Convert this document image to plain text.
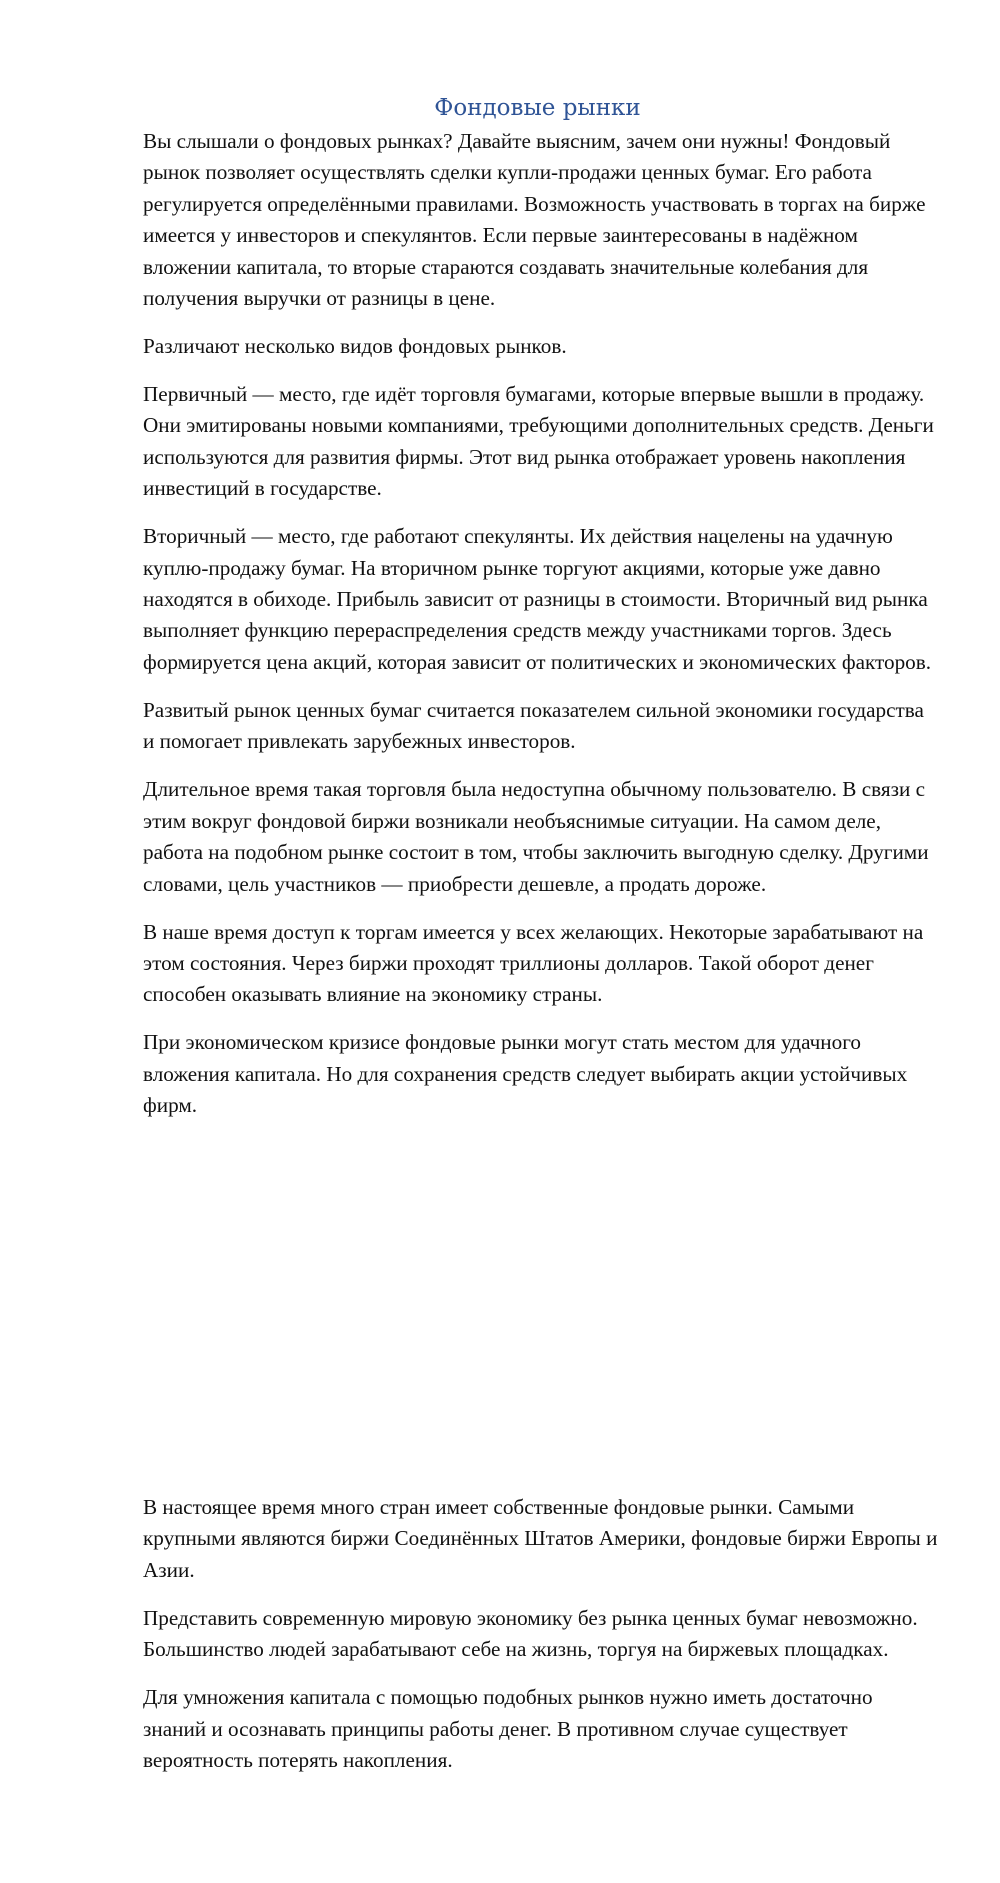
Фондовые рынки

Вы слышали о фондовых рынках? Давайте выясним, зачем они нужны! Фондовый рынок позволяет осуществлять сделки купли-продажи ценных бумаг. Его работа регулируется определёнными правилами. Возможность участвовать в торгах на бирже имеется у инвесторов и спекулянтов. Если первые заинтересованы в надёжном вложении капитала, то вторые стараются создавать значительные колебания для получения выручки от разницы в цене.

Различают несколько видов фондовых рынков.

Первичный — место, где идёт торговля бумагами, которые впервые вышли в продажу. Они эмитированы новыми компаниями, требующими дополнительных средств. Деньги используются для развития фирмы. Этот вид рынка отображает уровень накопления инвестиций в государстве.

Вторичный — место, где работают спекулянты. Их действия нацелены на удачную куплю-продажу бумаг. На вторичном рынке торгуют акциями, которые уже давно находятся в обиходе. Прибыль зависит от разницы в стоимости. Вторичный вид рынка выполняет функцию перераспределения средств между участниками торгов. Здесь формируется цена акций, которая зависит от политических и экономических факторов.

Развитый рынок ценных бумаг считается показателем сильной экономики государства и помогает привлекать зарубежных инвесторов.

Длительное время такая торговля была недоступна обычному пользователю. В связи с этим вокруг фондовой биржи возникали необъяснимые ситуации. На самом деле, работа на подобном рынке состоит в том, чтобы заключить выгодную сделку. Другими словами, цель участников — приобрести дешевле, а продать дороже.

В наше время доступ к торгам имеется у всех желающих. Некоторые зарабатывают на этом состояния. Через биржи проходят триллионы долларов. Такой оборот денег способен оказывать влияние на экономику страны.

При экономическом кризисе фондовые рынки могут стать местом для удачного вложения капитала. Но для сохранения средств следует выбирать акции устойчивых фирм.

В настоящее время много стран имеет собственные фондовые рынки. Самыми крупными являются биржи Соединённых Штатов Америки, фондовые биржи Европы и Азии.

Представить современную мировую экономику без рынка ценных бумаг невозможно. Большинство людей зарабатывают себе на жизнь, торгуя на биржевых площадках.

Для умножения капитала с помощью подобных рынков нужно иметь достаточно знаний и осознавать принципы работы денег. В противном случае существует вероятность потерять накопления.
